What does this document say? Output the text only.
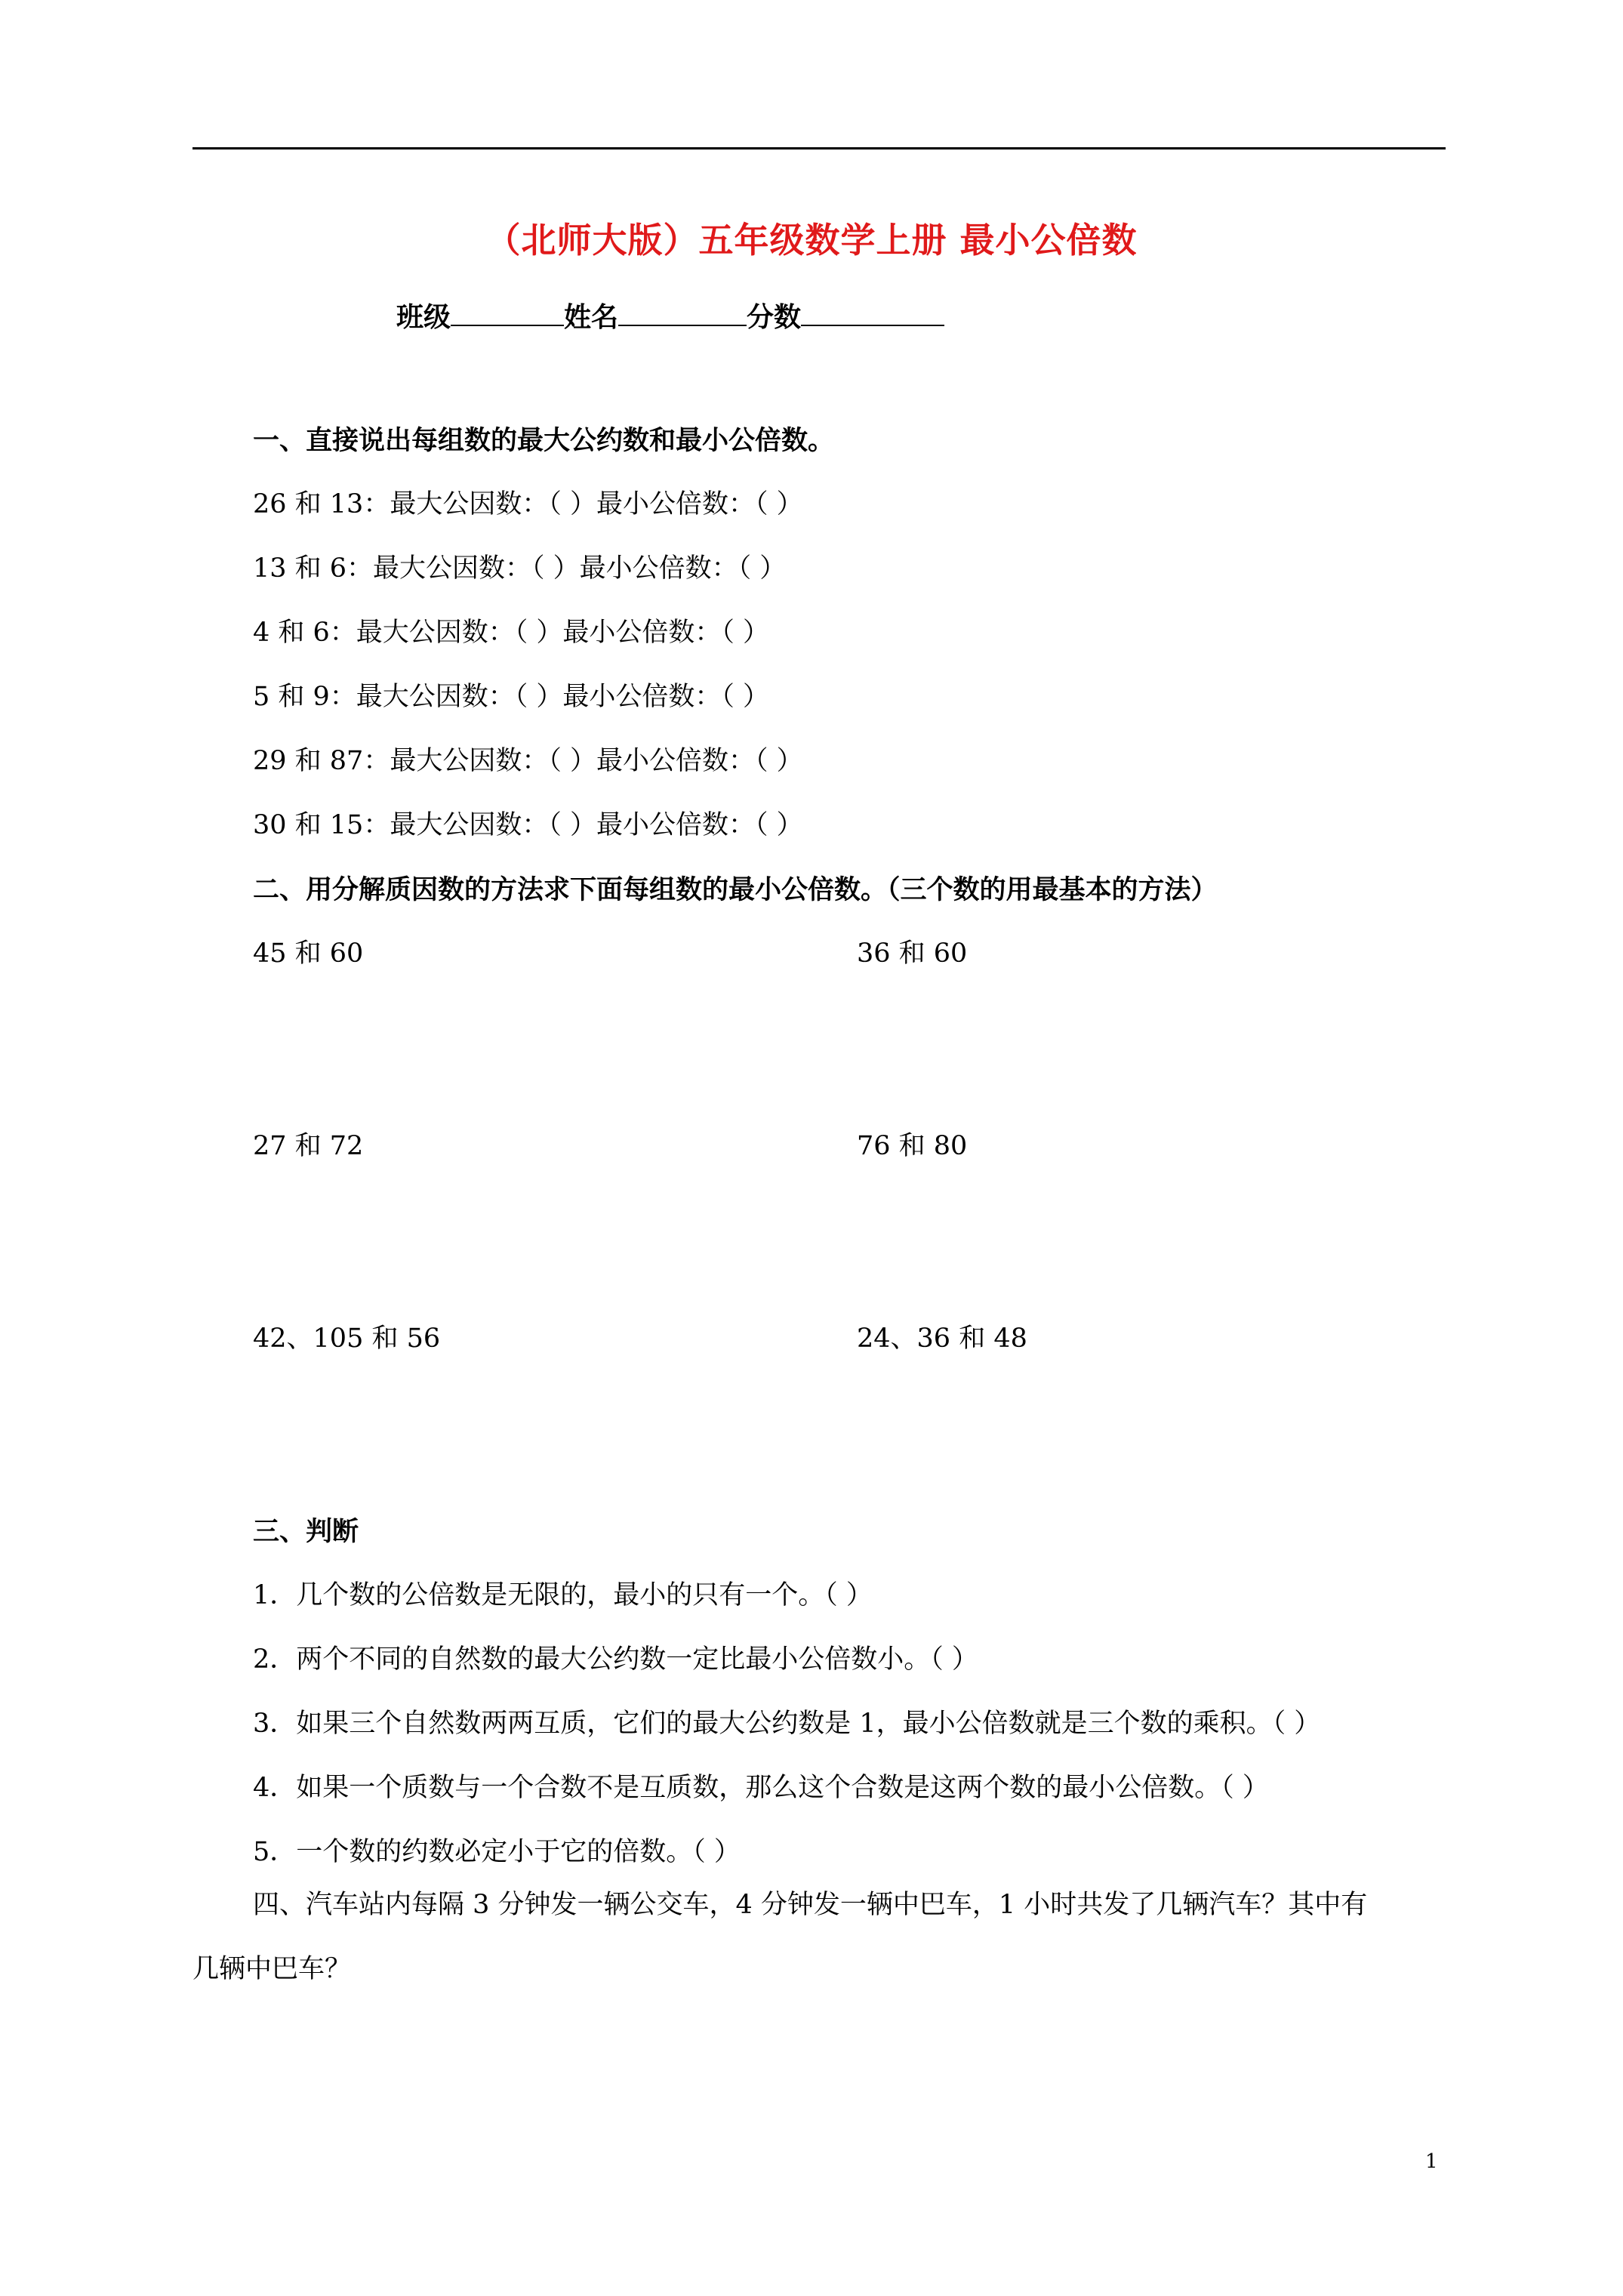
（北师大版）五年级数学上册 最小公倍数
班级	姓名	分数
一、直接说出每组数的最大公约数和最小公倍数。
26 和 13：最大公因数：（ ）最小公倍数：（ ）
13 和 6：最大公因数：（ ）最小公倍数：（ ）
4 和 6：最大公因数：（ ）最小公倍数：（ ）
5 和 9：最大公因数：（ ）最小公倍数：（ ）
29 和 87：最大公因数：（ ）最小公倍数：（ ）
30 和 15：最大公因数：（ ）最小公倍数：（ ）
二、用分解质因数的方法求下面每组数的最小公倍数。（三个数的用最基本的方法）
45 和 60	36 和 60
27 和 72	76 和 80
42、105 和 56	24、36 和 48
三、判断
1．几个数的公倍数是无限的，最小的只有一个。（ ）
2．两个不同的自然数的最大公约数一定比最小公倍数小。（ ）
3．如果三个自然数两两互质，它们的最大公约数是 1，最小公倍数就是三个数的乘积。（ ）
4．如果一个质数与一个合数不是互质数，那么这个合数是这两个数的最小公倍数。（ ）
5．一个数的约数必定小于它的倍数。（ ）
四、汽车站内每隔 3 分钟发一辆公交车，4 分钟发一辆中巴车，1 小时共发了几辆汽车？其中有
几辆中巴车？
1
